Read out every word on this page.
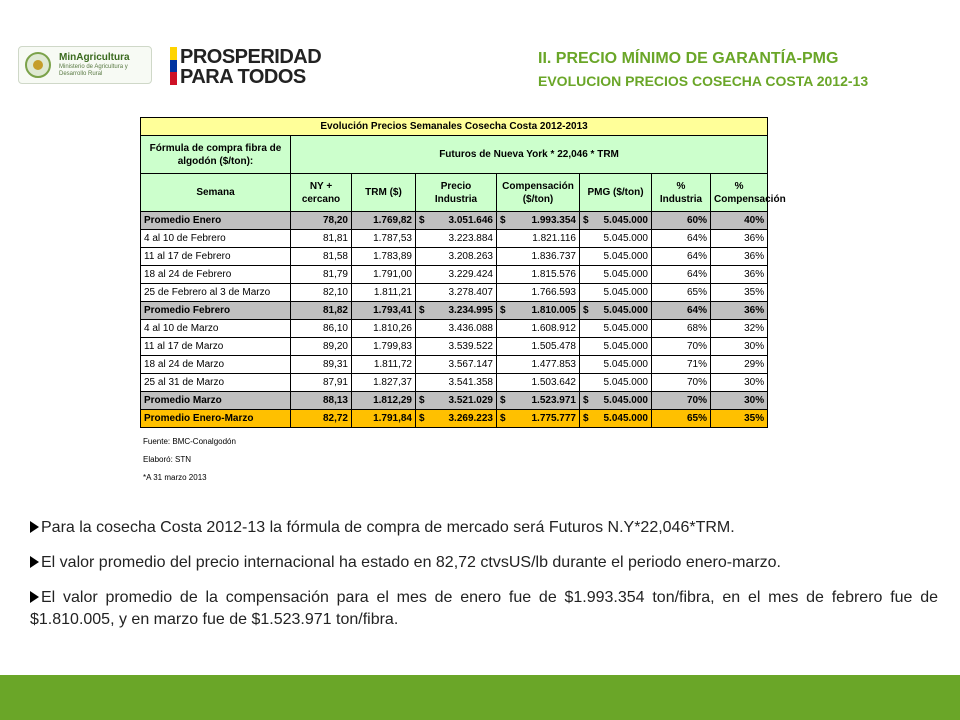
MinAgricultura
Ministerio de Agricultura y Desarrollo Rural
PROSPERIDAD
PARA TODOS
II. PRECIO MÍNIMO DE GARANTÍA-PMG
EVOLUCION PRECIOS COSECHA COSTA 2012-13
Evolución Precios Semanales Cosecha Costa 2012-2013							
Fórmula de compra fibra de algodón ($/ton):	Futuros de Nueva York * 22,046 * TRM						
Semana	NY + cercano	TRM ($)	Precio Industria	Compensación ($/ton)	PMG ($/ton)	% Industria	% Compensación
Promedio Enero	78,20	1.769,82	$ 3.051.646	$ 1.993.354	$ 5.045.000	60%	40%
4 al 10 de Febrero	81,81	1.787,53	3.223.884	1.821.116	5.045.000	64%	36%
11 al 17 de Febrero	81,58	1.783,89	3.208.263	1.836.737	5.045.000	64%	36%
18 al 24 de Febrero	81,79	1.791,00	3.229.424	1.815.576	5.045.000	64%	36%
25 de Febrero al 3 de Marzo	82,10	1.811,21	3.278.407	1.766.593	5.045.000	65%	35%
Promedio Febrero	81,82	1.793,41	$ 3.234.995	$ 1.810.005	$ 5.045.000	64%	36%
4 al 10 de Marzo	86,10	1.810,26	3.436.088	1.608.912	5.045.000	68%	32%
11 al 17 de Marzo	89,20	1.799,83	3.539.522	1.505.478	5.045.000	70%	30%
18 al 24 de Marzo	89,31	1.811,72	3.567.147	1.477.853	5.045.000	71%	29%
25 al 31 de Marzo	87,91	1.827,37	3.541.358	1.503.642	5.045.000	70%	30%
Promedio Marzo	88,13	1.812,29	$ 3.521.029	$ 1.523.971	$ 5.045.000	70%	30%
Promedio Enero-Marzo	82,72	1.791,84	$ 3.269.223	$ 1.775.777	$ 5.045.000	65%	35%
Fuente: BMC-Conalgodón
Elaboró: STN
*A 31 marzo 2013
Para la cosecha Costa 2012-13 la fórmula de compra de mercado será Futuros N.Y*22,046*TRM.
El valor promedio del precio internacional ha estado en 82,72 ctvsUS/lb durante el periodo enero-marzo.
El valor promedio de la compensación para el mes de enero fue de $1.993.354 ton/fibra, en el mes de febrero fue de $1.810.005, y en marzo fue de $1.523.971 ton/fibra.
